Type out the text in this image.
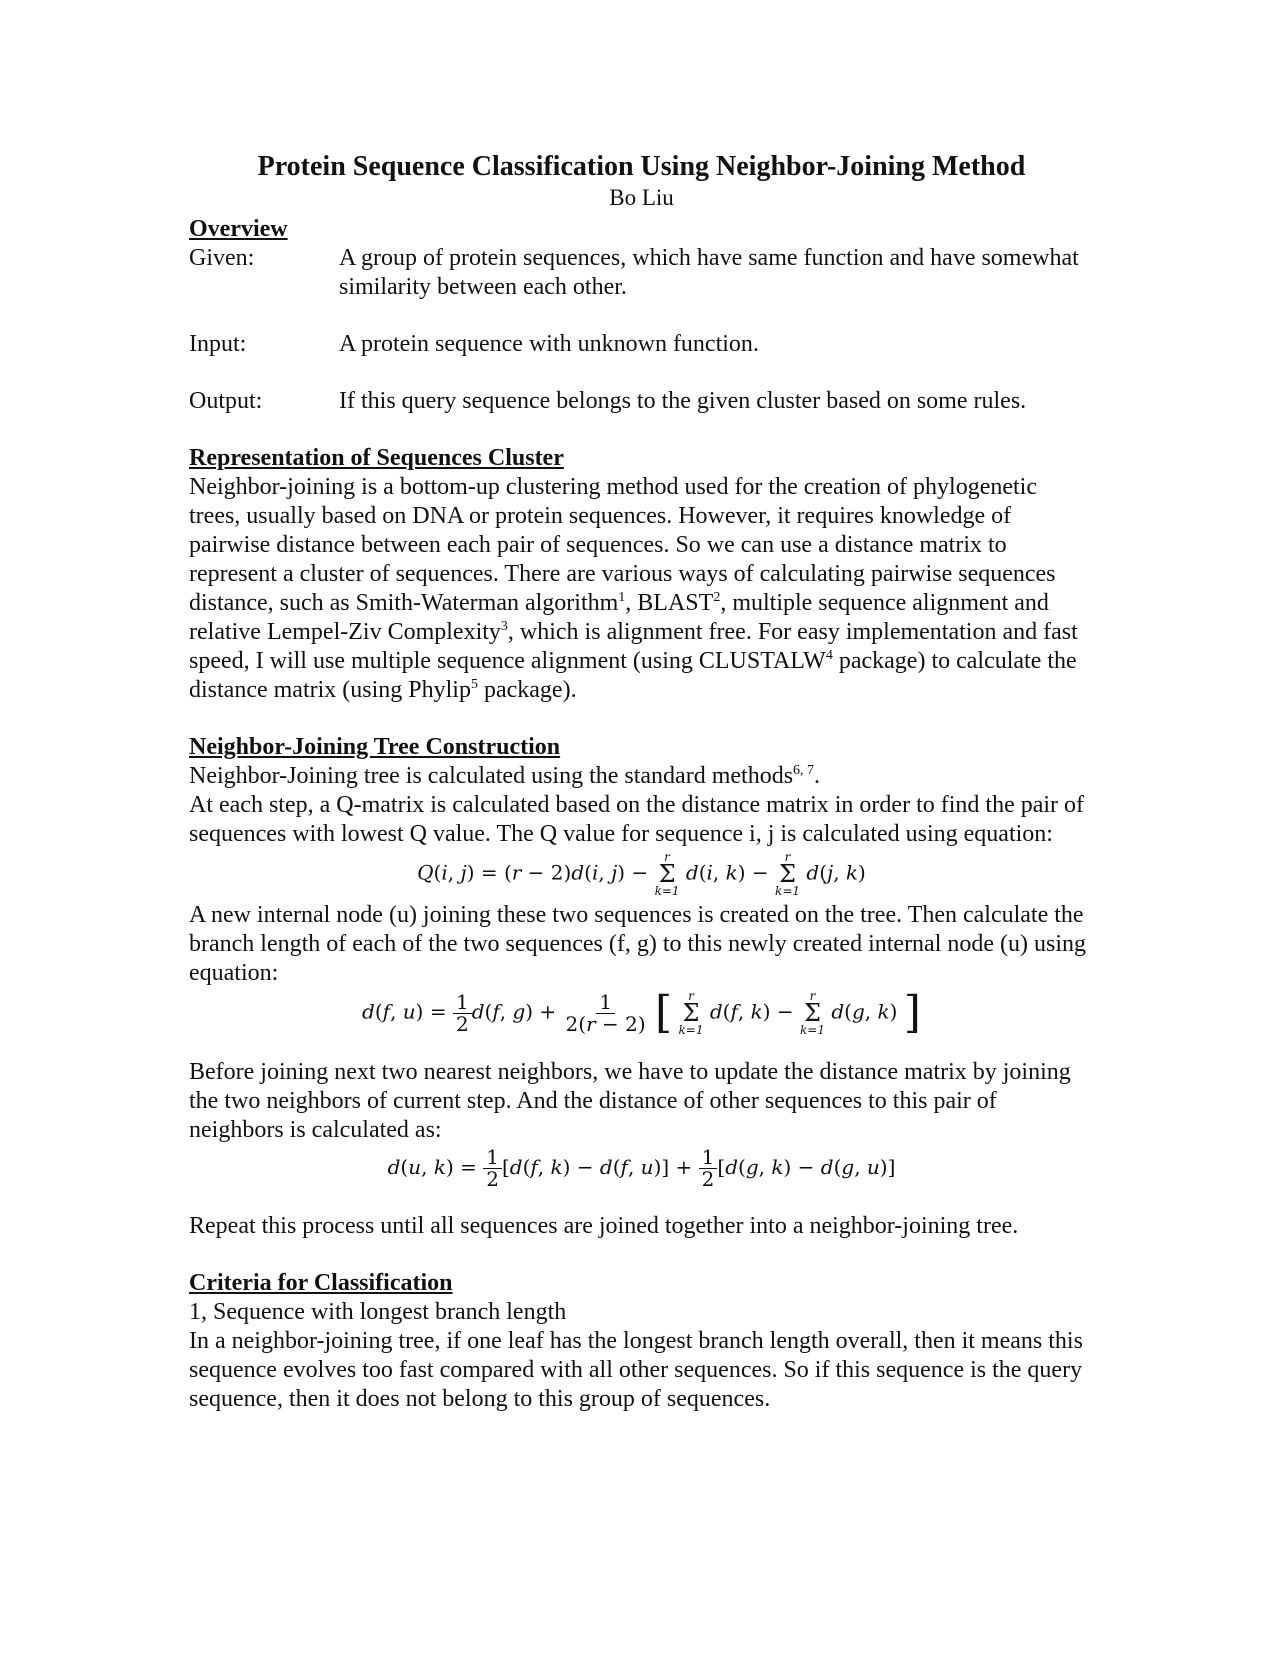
Protein Sequence Classification Using Neighbor-Joining Method
Bo Liu
Overview
Given:	A group of protein sequences, which have same function and have somewhat similarity between each other.
Input:	A protein sequence with unknown function.
Output:	If this query sequence belongs to the given cluster based on some rules.
Representation of Sequences Cluster

Neighbor-joining is a bottom-up clustering method used for the creation of phylogenetic trees, usually based on DNA or protein sequences. However, it requires knowledge of pairwise distance between each pair of sequences. So we can use a distance matrix to represent a cluster of sequences. There are various ways of calculating pairwise sequences distance, such as Smith-Waterman algorithm$^1$, BLAST$^2$, multiple sequence alignment and relative Lempel-Ziv Complexity$^3$, which is alignment free. For easy implementation and fast speed, I will use multiple sequence alignment (using CLUSTALW$^4$ package) to calculate the distance matrix (using Phylip$^5$ package).

Neighbor-Joining Tree Construction

Neighbor-Joining tree is calculated using the standard methods$^{6, 7}$.

At each step, a Q-matrix is calculated based on the distance matrix in order to find the pair of sequences with lowest Q value. The Q value for sequence i, j is calculated using equation:

Q(i, j) = (r − 2)d(i, j) −
r
Σ
k=1
d(i, k) −
r
Σ
k=1
d(j, k)

A new internal node (u) joining these two sequences is created on the tree. Then calculate the branch length of each of the two sequences (f, g) to this newly created internal node (u) using equation:

d(f, $u) = \frac{1}{2} d(f$, $g) + \frac{1}{2(r - 2)}$ [ r
Σ
k=1
d(f, k) −
r
Σ
k=1
d(g, k) ]

Before joining next two nearest neighbors, we have to update the distance matrix by joining the two neighbors of current step. And the distance of other sequences to this pair of neighbors is calculated as:

d(u, $k) = \frac{1}{2} [d(f$, k) − d(f, $u)] + \frac{1}{2} [d(g$, k) − d(g, u)]

Repeat this process until all sequences are joined together into a neighbor-joining tree.

Criteria for Classification

1, Sequence with longest branch length

In a neighbor-joining tree, if one leaf has the longest branch length overall, then it means this sequence evolves too fast compared with all other sequences. So if this sequence is the query sequence, then it does not belong to this group of sequences.
